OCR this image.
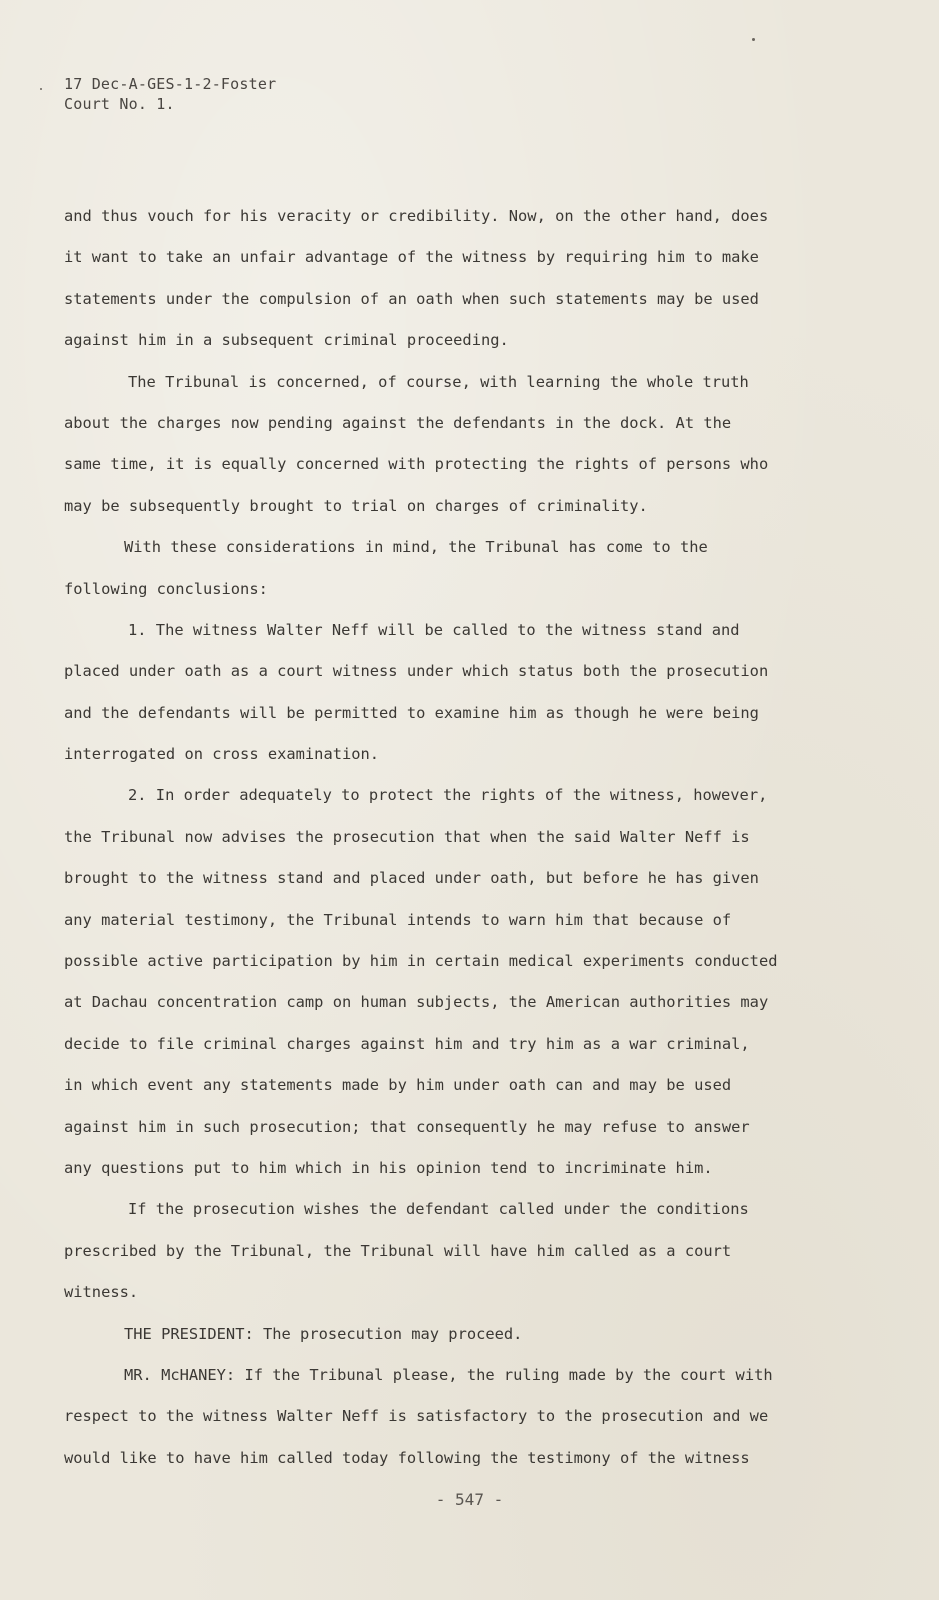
17 Dec-A-GES-1-2-Foster
Court No. 1.
and thus vouch for his veracity or credibility. Now, on the other hand, does
it want to take an unfair advantage of the witness by requiring him to make
statements under the compulsion of an oath when such statements may be used
against him in a subsequent criminal proceeding.
The Tribunal is concerned, of course, with learning the whole truth
about the charges now pending against the defendants in the dock. At the
same time, it is equally concerned with protecting the rights of persons who
may be subsequently brought to trial on charges of criminality.
With these considerations in mind, the Tribunal has come to the
following conclusions:
1. The witness Walter Neff will be called to the witness stand and
placed under oath as a court witness under which status both the prosecution
and the defendants will be permitted to examine him as though he were being
interrogated on cross examination.
2. In order adequately to protect the rights of the witness, however,
the Tribunal now advises the prosecution that when the said Walter Neff is
brought to the witness stand and placed under oath, but before he has given
any material testimony, the Tribunal intends to warn him that because of
possible active participation by him in certain medical experiments conducted
at Dachau concentration camp on human subjects, the American authorities may
decide to file criminal charges against him and try him as a war criminal,
in which event any statements made by him under oath can and may be used
against him in such prosecution; that consequently he may refuse to answer
any questions put to him which in his opinion tend to incriminate him.
If the prosecution wishes the defendant called under the conditions
prescribed by the Tribunal, the Tribunal will have him called as a court
witness.
THE PRESIDENT: The prosecution may proceed.
MR. McHANEY: If the Tribunal please, the ruling made by the court with
respect to the witness Walter Neff is satisfactory to the prosecution and we
would like to have him called today following the testimony of the witness
- 547 -
